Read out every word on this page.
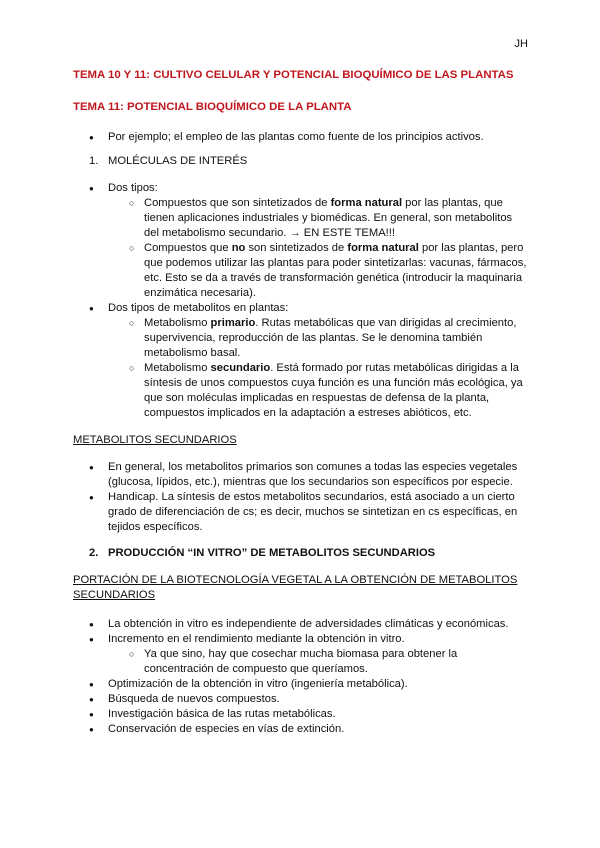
JH
TEMA 10 Y 11: CULTIVO CELULAR Y POTENCIAL BIOQUÍMICO DE LAS PLANTAS
TEMA 11: POTENCIAL BIOQUÍMICO DE LA PLANTA
● Por ejemplo; el empleo de las plantas como fuente de los principios activos.
1. MOLÉCULAS DE INTERÉS
● Dos tipos:
○ Compuestos que son sintetizados de forma natural por las plantas, que tienen aplicaciones industriales y biomédicas. En general, son metabolitos del metabolismo secundario. → EN ESTE TEMA!!!
○ Compuestos que no son sintetizados de forma natural por las plantas, pero que podemos utilizar las plantas para poder sintetizarlas: vacunas, fármacos, etc. Esto se da a través de transformación genética (introducir la maquinaria enzimática necesaria).
● Dos tipos de metabolitos en plantas:
○ Metabolismo primario. Rutas metabólicas que van dirigidas al crecimiento, supervivencia, reproducción de las plantas. Se le denomina también metabolismo basal.
○ Metabolismo secundario. Está formado por rutas metabólicas dirigidas a la síntesis de unos compuestos cuya función es una función más ecológica, ya que son moléculas implicadas en respuestas de defensa de la planta, compuestos implicados en la adaptación a estreses abióticos, etc.
METABOLITOS SECUNDARIOS
● En general, los metabolitos primarios son comunes a todas las especies vegetales (glucosa, lípidos, etc.), mientras que los secundarios son específicos por especie.
● Handicap. La síntesis de estos metabolitos secundarios, está asociado a un cierto grado de diferenciación de cs; es decir, muchos se sintetizan en cs específicas, en tejidos específicos.
2. PRODUCCIÓN “IN VITRO” DE METABOLITOS SECUNDARIOS
PORTACIÓN DE LA BIOTECNOLOGÍA VEGETAL A LA OBTENCIÓN DE METABOLITOS SECUNDARIOS
● La obtención in vitro es independiente de adversidades climáticas y económicas.
● Incremento en el rendimiento mediante la obtención in vitro.
○ Ya que sino, hay que cosechar mucha biomasa para obtener la concentración de compuesto que queríamos.
● Optimización de la obtención in vitro (ingeniería metabólica).
● Búsqueda de nuevos compuestos.
● Investigación básica de las rutas metabólicas.
● Conservación de especies en vías de extinción.
